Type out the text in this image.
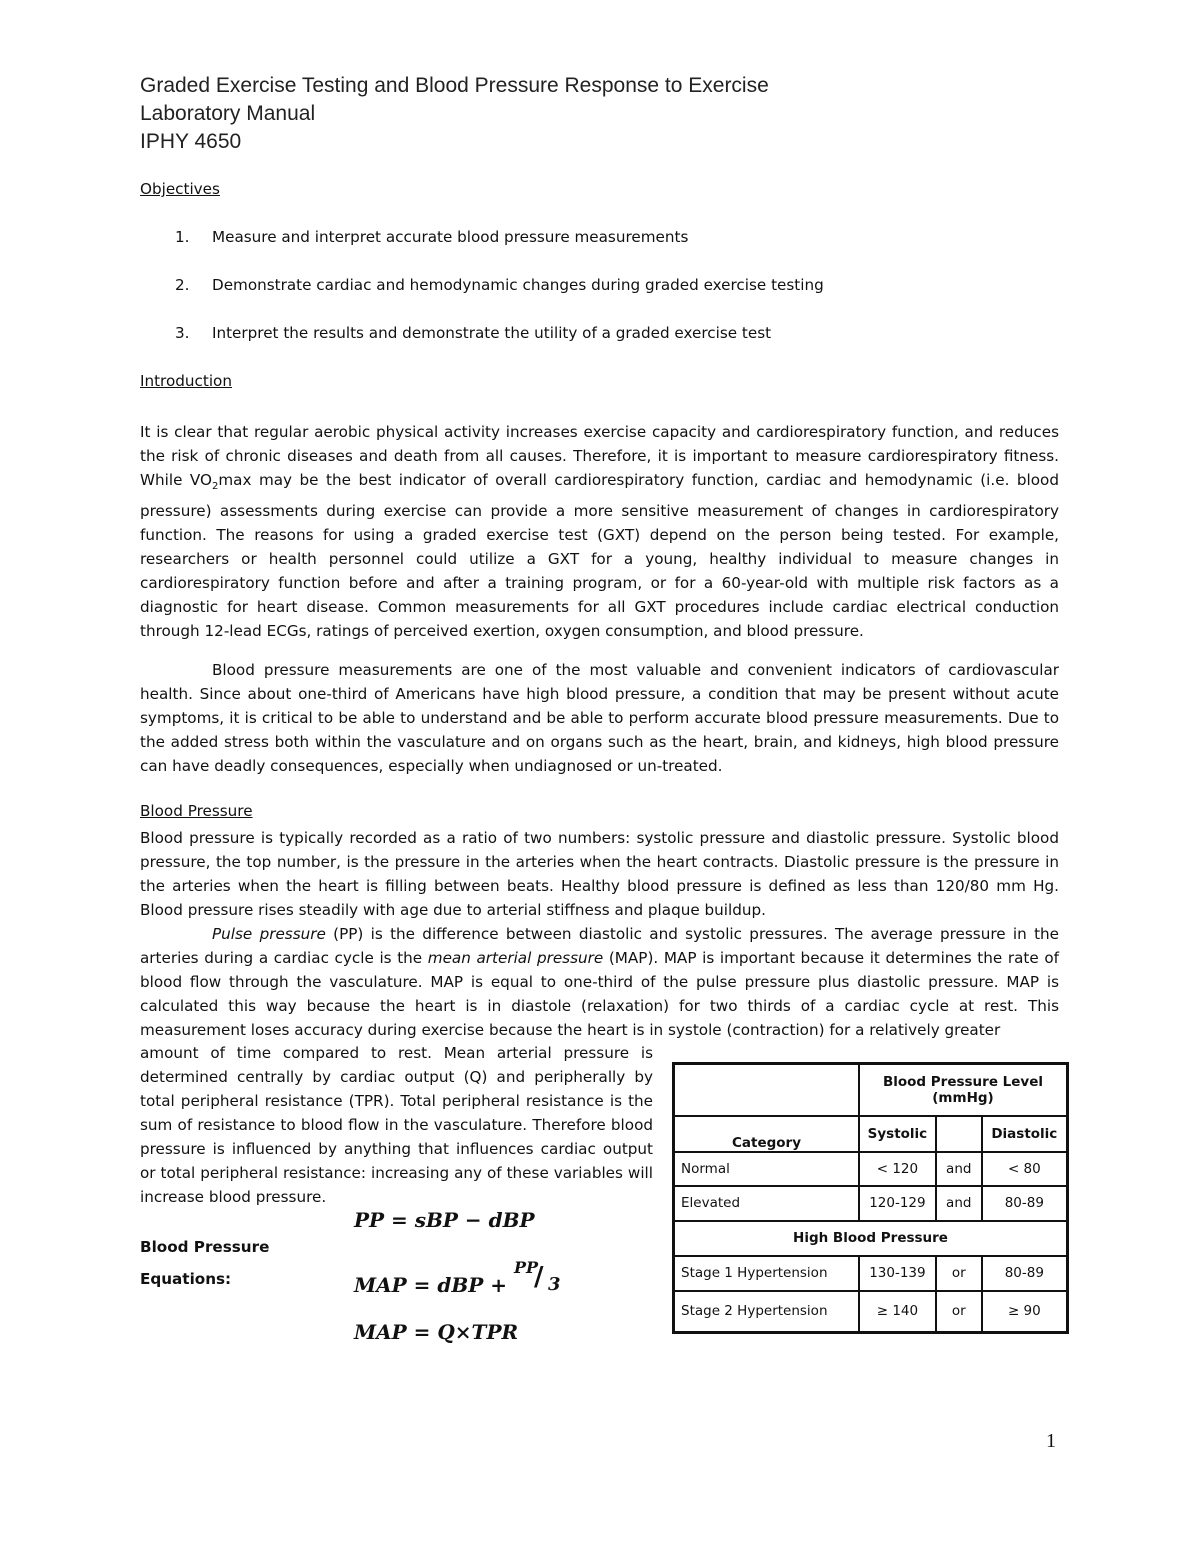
Graded Exercise Testing and Blood Pressure Response to Exercise
Laboratory Manual
IPHY 4650
Objectives
1. Measure and interpret accurate blood pressure measurements
2. Demonstrate cardiac and hemodynamic changes during graded exercise testing
3. Interpret the results and demonstrate the utility of a graded exercise test
Introduction

It is clear that regular aerobic physical activity increases exercise capacity and cardiorespiratory function, and reduces the risk of chronic diseases and death from all causes. Therefore, it is important to measure cardiorespiratory fitness. While $VO_2\max$ may be the best indicator of overall cardiorespiratory function, cardiac and hemodynamic (i.e. blood pressure) assessments during exercise can provide a more sensitive measurement of changes in cardiorespiratory function. The reasons for using a graded exercise test (GXT) depend on the person being tested. For example, researchers or health personnel could utilize a GXT for a young, healthy individual to measure changes in cardiorespiratory function before and after a training program, or for a 60-year-old with multiple risk factors as a diagnostic for heart disease. Common measurements for all GXT procedures include cardiac electrical conduction through 12-lead ECGs, ratings of perceived exertion, oxygen consumption, and blood pressure.

Blood pressure measurements are one of the most valuable and convenient indicators of cardiovascular health. Since about one-third of Americans have high blood pressure, a condition that may be present without acute symptoms, it is critical to be able to understand and be able to perform accurate blood pressure measurements. Due to the added stress both within the vasculature and on organs such as the heart, brain, and kidneys, high blood pressure can have deadly consequences, especially when undiagnosed or un-treated.

Blood Pressure

Blood pressure is typically recorded as a ratio of two numbers: systolic pressure and diastolic pressure. Systolic blood pressure, the top number, is the pressure in the arteries when the heart contracts. Diastolic pressure is the pressure in the arteries when the heart is filling between beats. Healthy blood pressure is defined as less than 120/80 mm Hg. Blood pressure rises steadily with age due to arterial stiffness and plaque buildup.

Pulse pressure (PP) is the difference between diastolic and systolic pressures. The average pressure in the arteries during a cardiac cycle is the mean arterial pressure (MAP). MAP is important because it determines the rate of blood flow through the vasculature. MAP is equal to one-third of the pulse pressure plus diastolic pressure. MAP is calculated this way because the heart is in diastole (relaxation) for two thirds of a cardiac cycle at rest. This measurement loses accuracy during exercise because the heart is in systole (contraction) for a relatively greater

amount of time compared to rest. Mean arterial pressure is determined centrally by cardiac output (Q) and peripherally by total peripheral resistance (TPR). Total peripheral resistance is the sum of resistance to blood flow in the vasculature. Therefore blood pressure is influenced by anything that influences cardiac output or total peripheral resistance: increasing any of these variables will increase blood pressure.

Blood Pressure
Equations:
PP = sBP − dBP
MAP = dBP +
PP
/ 3
MAP = Q×TPR
	Blood Pressure Level (mmHg)		
Category	Systolic		Diastolic
Normal	< 120	and	< 80
Elevated	120-129	and	80-89
High Blood Pressure			
Stage 1 Hypertension	130-139	or	80-89
Stage 2 Hypertension	≥ 140	or	≥ 90
1
